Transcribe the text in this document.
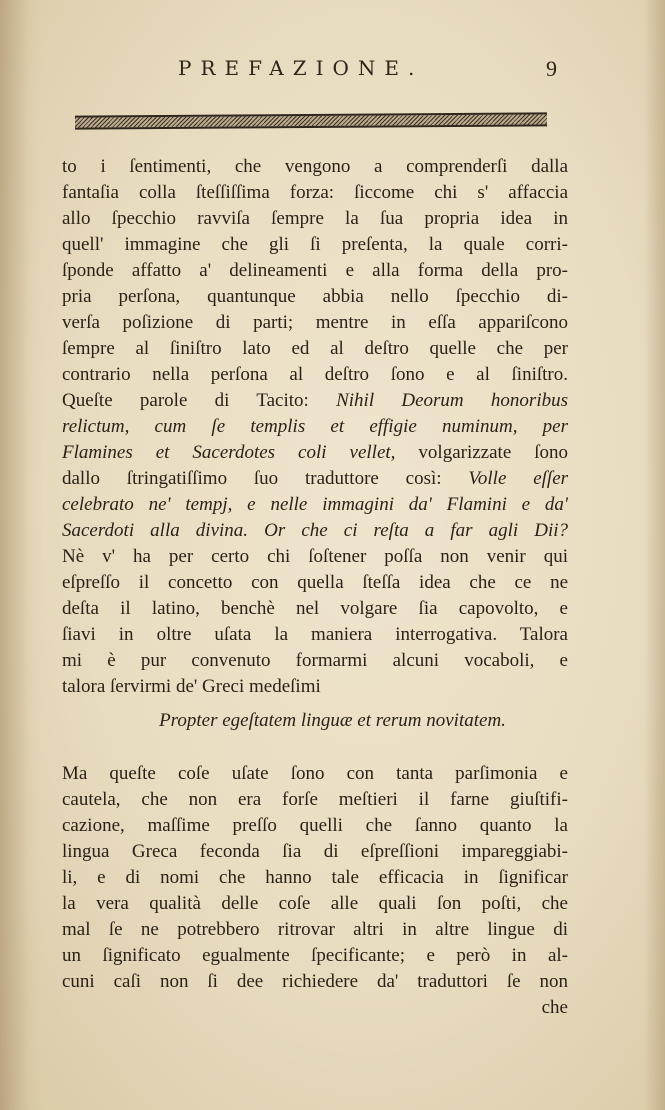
PREFAZIONE.	9
to i ſentimenti, che vengono a comprenderſi dalla
fantaſia colla ſteſſiſſima forza: ſiccome chi s' affaccia
allo ſpecchio ravviſa ſempre la ſua propria idea in
quell' immagine che gli ſi preſenta, la quale corri-
ſponde affatto a' delineamenti e alla forma della pro-
pria perſona, quantunque abbia nello ſpecchio di-
verſa poſizione di parti; mentre in eſſa appariſcono
ſempre al ſiniſtro lato ed al deſtro quelle che per
contrario nella perſona al deſtro ſono e al ſiniſtro.
Queſte parole di Tacito: Nihil Deorum honoribus
relictum, cum ſe templis et effigie numinum, per
Flamines et Sacerdotes coli vellet, volgarizzate ſono
dallo ſtringatiſſimo ſuo traduttore così: Volle eſſer
celebrato ne' tempj, e nelle immagini da' Flamini e da'
Sacerdoti alla divina. Or che ci reſta a far agli Dii?
Nè v' ha per certo chi ſoſtener poſſa non venir qui
eſpreſſo il concetto con quella ſteſſa idea che ce ne
deſta il latino, benchè nel volgare ſia capovolto, e
ſiavi in oltre uſata la maniera interrogativa. Talora
mi è pur convenuto formarmi alcuni vocaboli, e
talora ſervirmi de' Greci medeſimi
Propter egeſtatem linguæ et rerum novitatem.
Ma queſte coſe uſate ſono con tanta parſimonia e
cautela, che non era forſe meſtieri il farne giuſtifi-
cazione, maſſime preſſo quelli che ſanno quanto la
lingua Greca feconda ſia di eſpreſſioni impareggiabi-
li, e di nomi che hanno tale efficacia in ſignificar
la vera qualità delle coſe alle quali ſon poſti, che
mal ſe ne potrebbero ritrovar altri in altre lingue di
un ſignificato egualmente ſpecificante; e però in al-
cuni caſi non ſi dee richiedere da' traduttori ſe non
che
